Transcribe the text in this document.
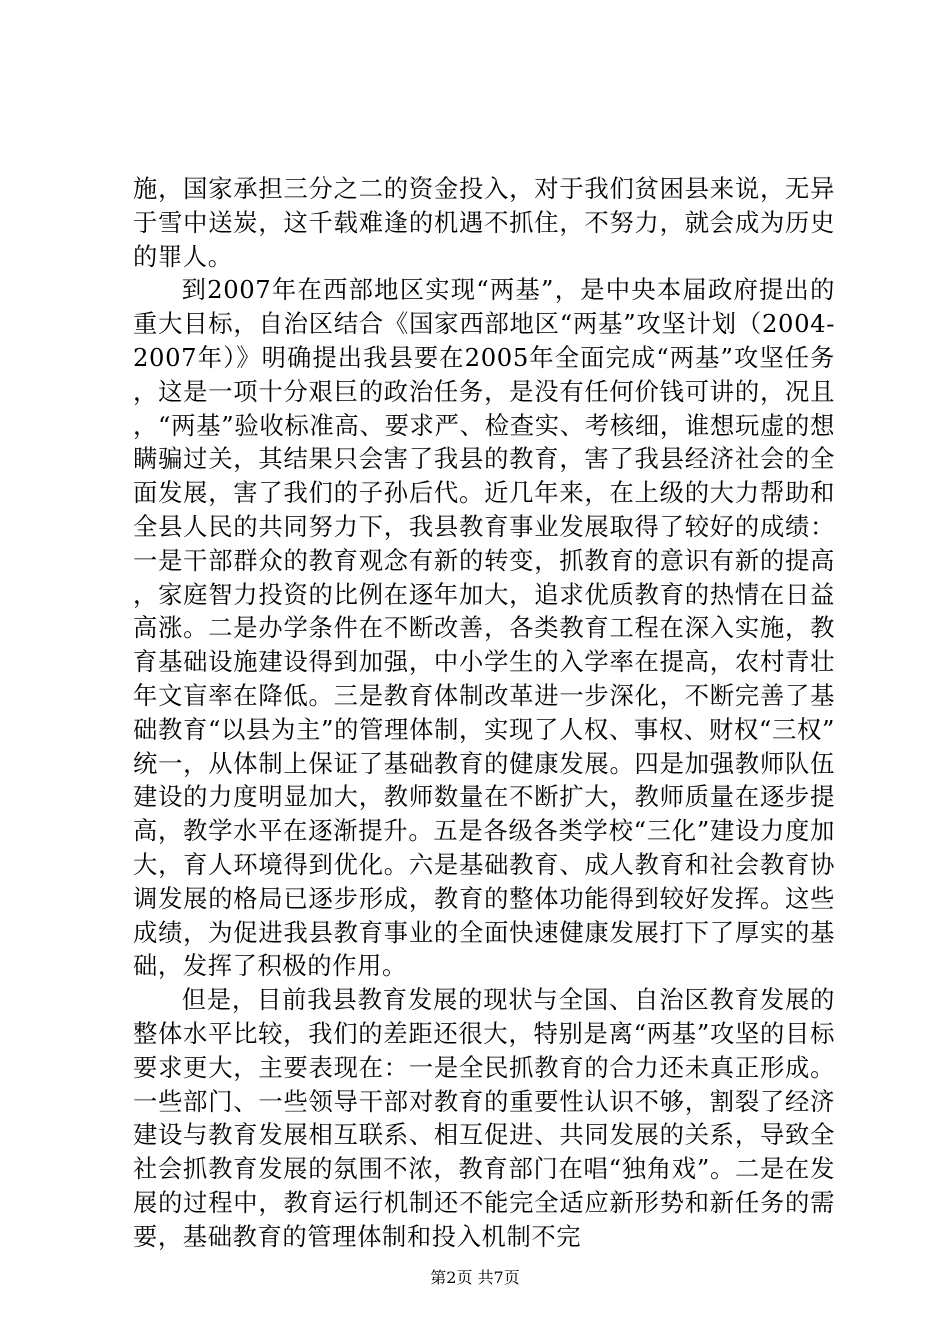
施，国家承担三分之二的资金投入，对于我们贫困县来说，无异于雪中送炭，这千载难逢的机遇不抓住，不努力，就会成为历史的罪人。

到2007年在西部地区实现“两基”，是中央本届政府提出的重大目标，自治区结合《国家西部地区“两基”攻坚计划（2004-2007年）》明确提出我县要在2005年全面完成“两基”攻坚任务，这是一项十分艰巨的政治任务，是没有任何价钱可讲的，况且，“两基”验收标准高、要求严、检查实、考核细，谁想玩虚的想瞒骗过关，其结果只会害了我县的教育，害了我县经济社会的全面发展，害了我们的子孙后代。近几年来，在上级的大力帮助和全县人民的共同努力下，我县教育事业发展取得了较好的成绩：一是干部群众的教育观念有新的转变，抓教育的意识有新的提高，家庭智力投资的比例在逐年加大，追求优质教育的热情在日益高涨。二是办学条件在不断改善，各类教育工程在深入实施，教育基础设施建设得到加强，中小学生的入学率在提高，农村青壮年文盲率在降低。三是教育体制改革进一步深化，不断完善了基础教育“以县为主”的管理体制，实现了人权、事权、财权“三权”统一，从体制上保证了基础教育的健康发展。四是加强教师队伍建设的力度明显加大，教师数量在不断扩大，教师质量在逐步提高，教学水平在逐渐提升。五是各级各类学校“三化”建设力度加大，育人环境得到优化。六是基础教育、成人教育和社会教育协调发展的格局已逐步形成，教育的整体功能得到较好发挥。这些成绩，为促进我县教育事业的全面快速健康发展打下了厚实的基础，发挥了积极的作用。

但是，目前我县教育发展的现状与全国、自治区教育发展的整体水平比较，我们的差距还很大，特别是离“两基”攻坚的目标要求更大，主要表现在：一是全民抓教育的合力还未真正形成。一些部门、一些领导干部对教育的重要性认识不够，割裂了经济建设与教育发展相互联系、相互促进、共同发展的关系，导致全社会抓教育发展的氛围不浓，教育部门在唱“独角戏”。二是在发展的过程中，教育运行机制还不能完全适应新形势和新任务的需要，基础教育的管理体制和投入机制不完

第2页 共7页
